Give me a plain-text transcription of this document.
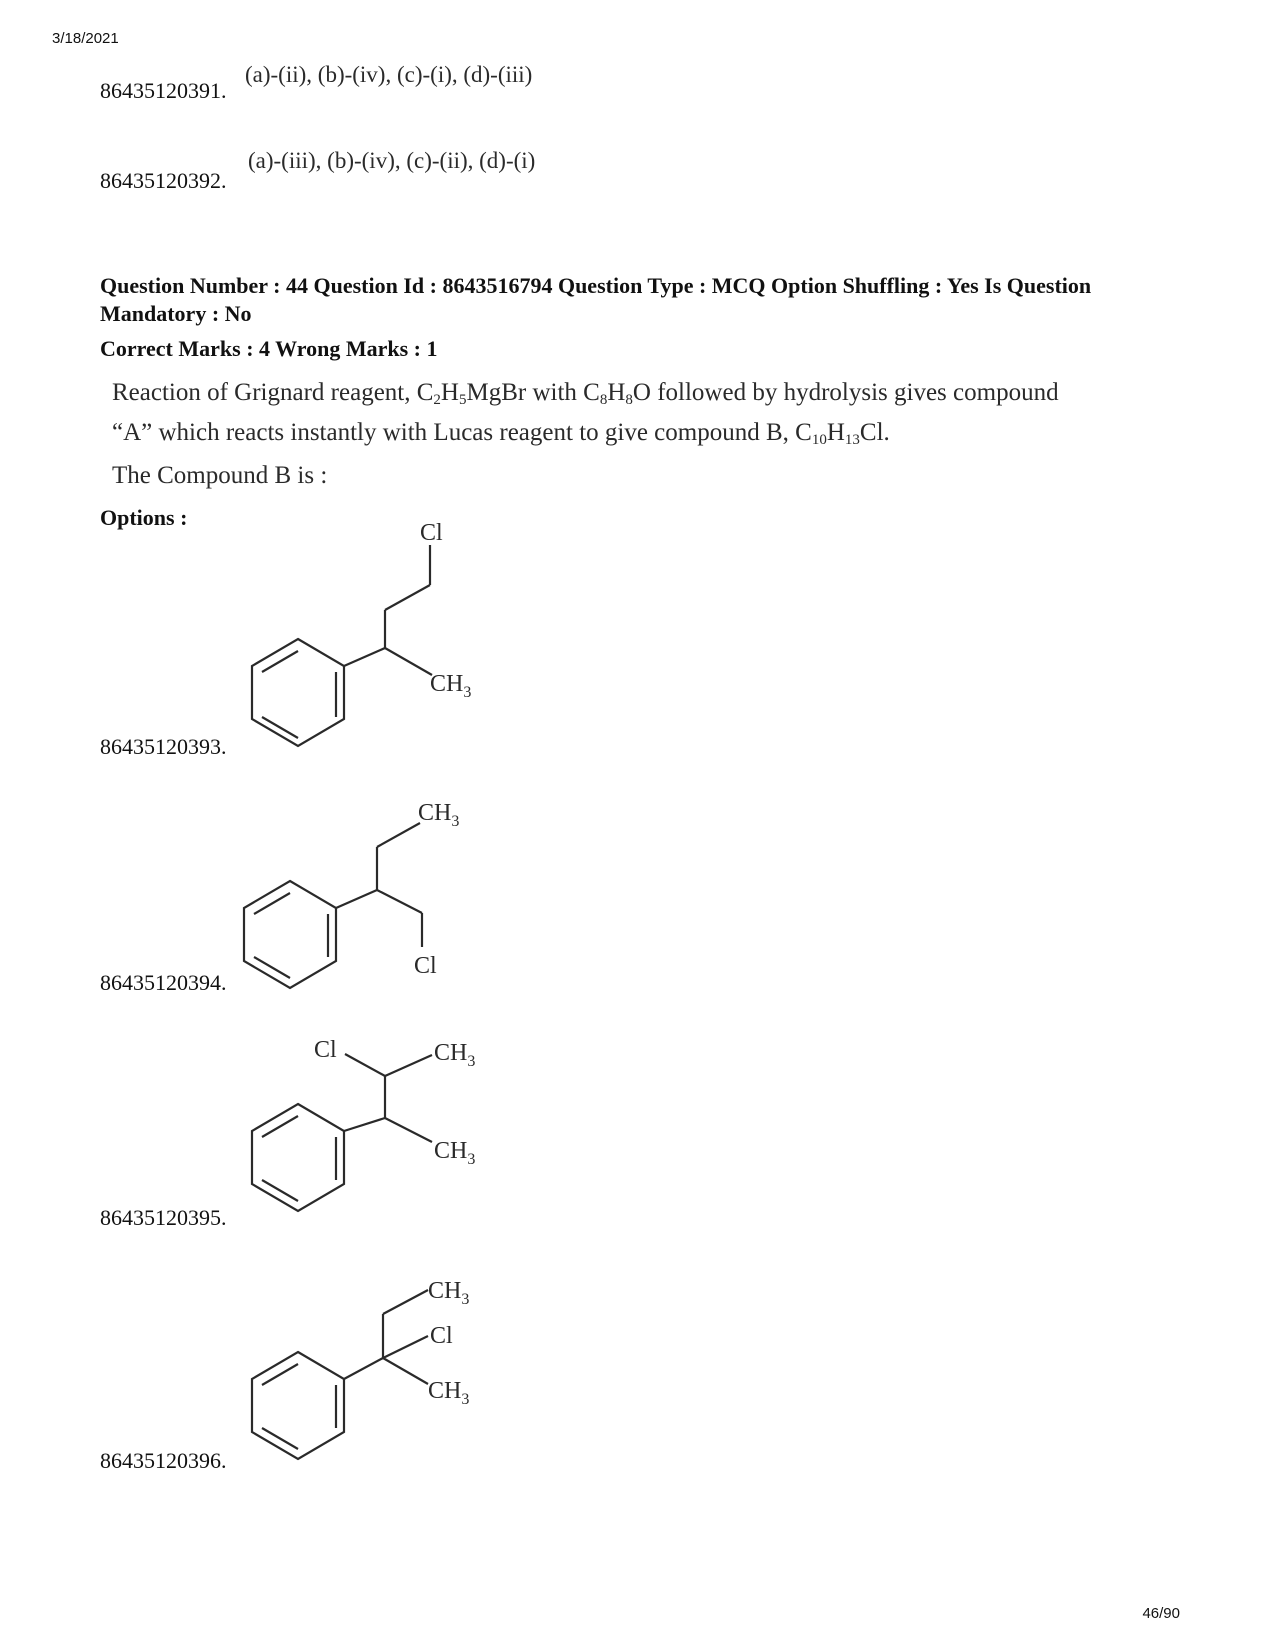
3/18/2021
86435120391.
(a)-(ii), (b)-(iv), (c)-(i), (d)-(iii)
86435120392.
(a)-(iii), (b)-(iv), (c)-(ii), (d)-(i)
Question Number : 44 Question Id : 8643516794 Question Type : MCQ Option Shuffling : Yes Is Question Mandatory : No
Correct Marks : 4 Wrong Marks : 1

Reaction of Grignard reagent, $C_2H_5MgBr$ with $C_8H_8O$ followed by hydrolysis gives compound

“A” which reacts instantly with Lucas reagent to give compound B, $C_{10}H_{13}Cl$.

The Compound B is :

Options :
Cl
$CH_3$
86435120393.
$CH_3$
Cl
86435120394.
Cl	$CH_3$
$CH_3$
86435120395.
$CH_3$
Cl
$CH_3$
86435120396.
46/90
